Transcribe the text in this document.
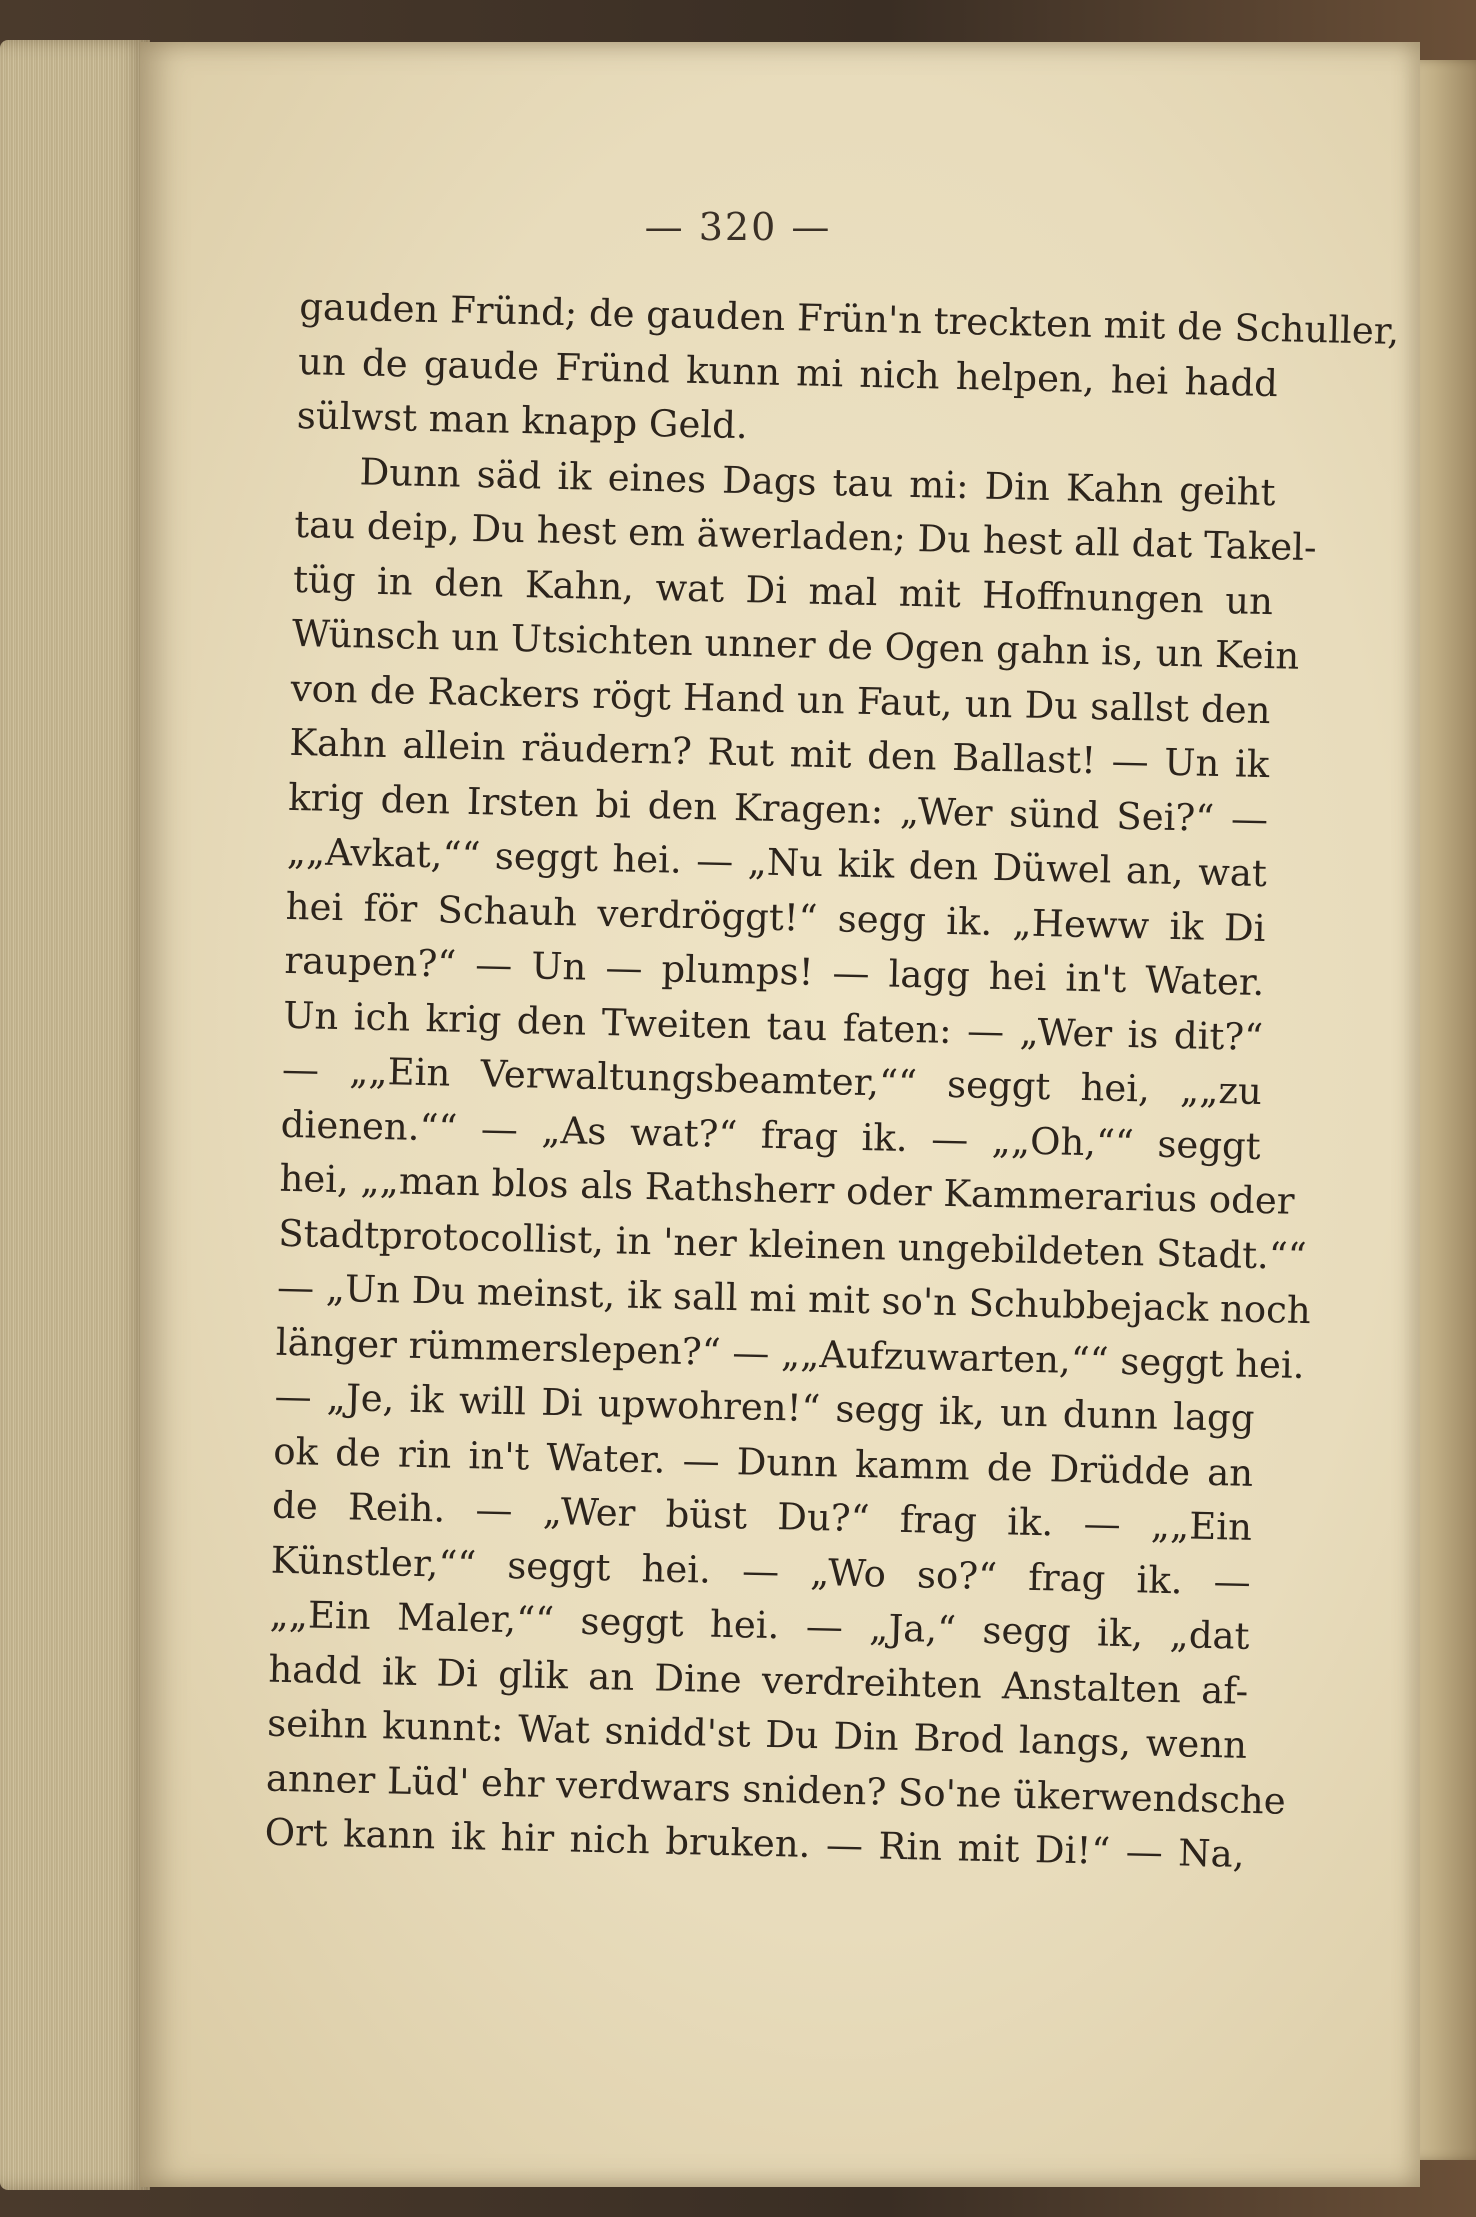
— 320 —
gauden Fründ; de gauden Frün'n treckten mit de Schuller,
un de gaude Fründ kunn mi nich helpen, hei hadd
sülwst man knapp Geld.
Dunn säd ik eines Dags tau mi: Din Kahn geiht
tau deip, Du hest em äwerladen; Du hest all dat Takel-
tüg in den Kahn, wat Di mal mit Hoffnungen un
Wünsch un Utsichten unner de Ogen gahn is, un Kein
von de Rackers rögt Hand un Faut, un Du sallst den
Kahn allein räudern? Rut mit den Ballast! — Un ik
krig den Irsten bi den Kragen: „Wer sünd Sei?“ —
„„Avkat,““ seggt hei. — „Nu kik den Düwel an, wat
hei för Schauh verdröggt!“ segg ik. „Heww ik Di
raupen?“ — Un — plumps! — lagg hei in't Water.
Un ich krig den Tweiten tau faten: — „Wer is dit?“
— „„Ein Verwaltungsbeamter,““ seggt hei, „„zu
dienen.““ — „As wat?“ frag ik. — „„Oh,““ seggt
hei, „„man blos als Rathsherr oder Kammerarius oder
Stadtprotocollist, in 'ner kleinen ungebildeten Stadt.““
— „Un Du meinst, ik sall mi mit so'n Schubbejack noch
länger rümmerslepen?“ — „„Aufzuwarten,““ seggt hei.
— „Je, ik will Di upwohren!“ segg ik, un dunn lagg
ok de rin in't Water. — Dunn kamm de Drüdde an
de Reih. — „Wer büst Du?“ frag ik. — „„Ein
Künstler,““ seggt hei. — „Wo so?“ frag ik. —
„„Ein Maler,““ seggt hei. — „Ja,“ segg ik, „dat
hadd ik Di glik an Dine verdreihten Anstalten af-
seihn kunnt: Wat snidd'st Du Din Brod langs, wenn
anner Lüd' ehr verdwars sniden? So'ne ükerwendsche
Ort kann ik hir nich bruken. — Rin mit Di!“ — Na,
